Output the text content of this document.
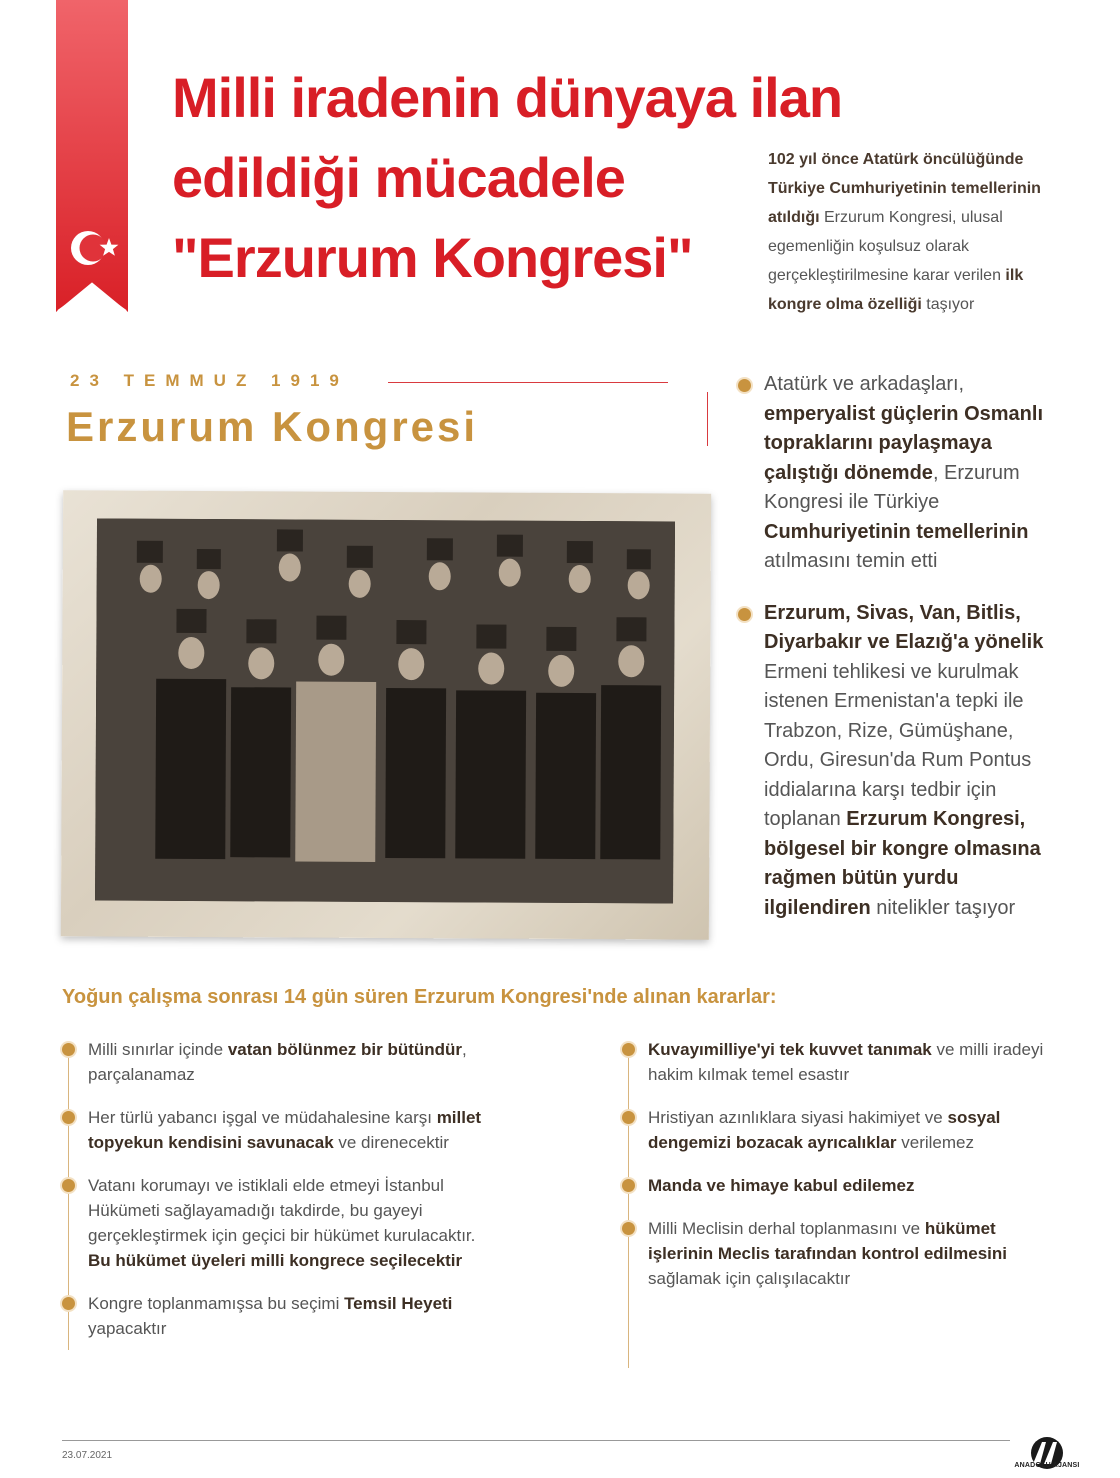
Milli iradenin dünyaya ilan
edildiği mücadele
"Erzurum Kongresi"
102 yıl önce Atatürk öncülüğünde Türkiye Cumhuriyetinin temellerinin atıldığı Erzurum Kongresi, ulusal egemenliğin koşulsuz olarak gerçekleştirilmesine karar verilen ilk kongre olma özelliği taşıyor
23 TEMMUZ 1919
Erzurum Kongresi
Atatürk ve arkadaşları, emperyalist güçlerin Osmanlı topraklarını paylaşmaya çalıştığı dönemde, Erzurum Kongresi ile Türkiye Cumhuriyetinin temellerinin atılmasını temin etti
Erzurum, Sivas, Van, Bitlis, Diyarbakır ve Elazığ'a yönelik Ermeni tehlikesi ve kurulmak istenen Ermenistan'a tepki ile Trabzon, Rize, Gümüşhane, Ordu, Giresun'da Rum Pontus iddialarına karşı tedbir için toplanan Erzurum Kongresi, bölgesel bir kongre olmasına rağmen bütün yurdu ilgilendiren nitelikler taşıyor
Yoğun çalışma sonrası 14 gün süren Erzurum Kongresi'nde alınan kararlar:
Milli sınırlar içinde vatan bölünmez bir bütündür, parçalanamaz
Her türlü yabancı işgal ve müdahalesine karşı millet topyekun kendisini savunacak ve direnecektir
Vatanı korumayı ve istiklali elde etmeyi İstanbul Hükümeti sağlayamadığı takdirde, bu gayeyi gerçekleştirmek için geçici bir hükümet kurulacaktır. Bu hükümet üyeleri milli kongrece seçilecektir
Kongre toplanmamışsa bu seçimi Temsil Heyeti yapacaktır
Kuvayımilliye'yi tek kuvvet tanımak ve milli iradeyi hakim kılmak temel esastır
Hristiyan azınlıklara siyasi hakimiyet ve sosyal dengemizi bozacak ayrıcalıklar verilemez
Manda ve himaye kabul edilemez
Milli Meclisin derhal toplanmasını ve hükümet işlerinin Meclis tarafından kontrol edilmesini sağlamak için çalışılacaktır
23.07.2021
ANADOLU AJANSI
